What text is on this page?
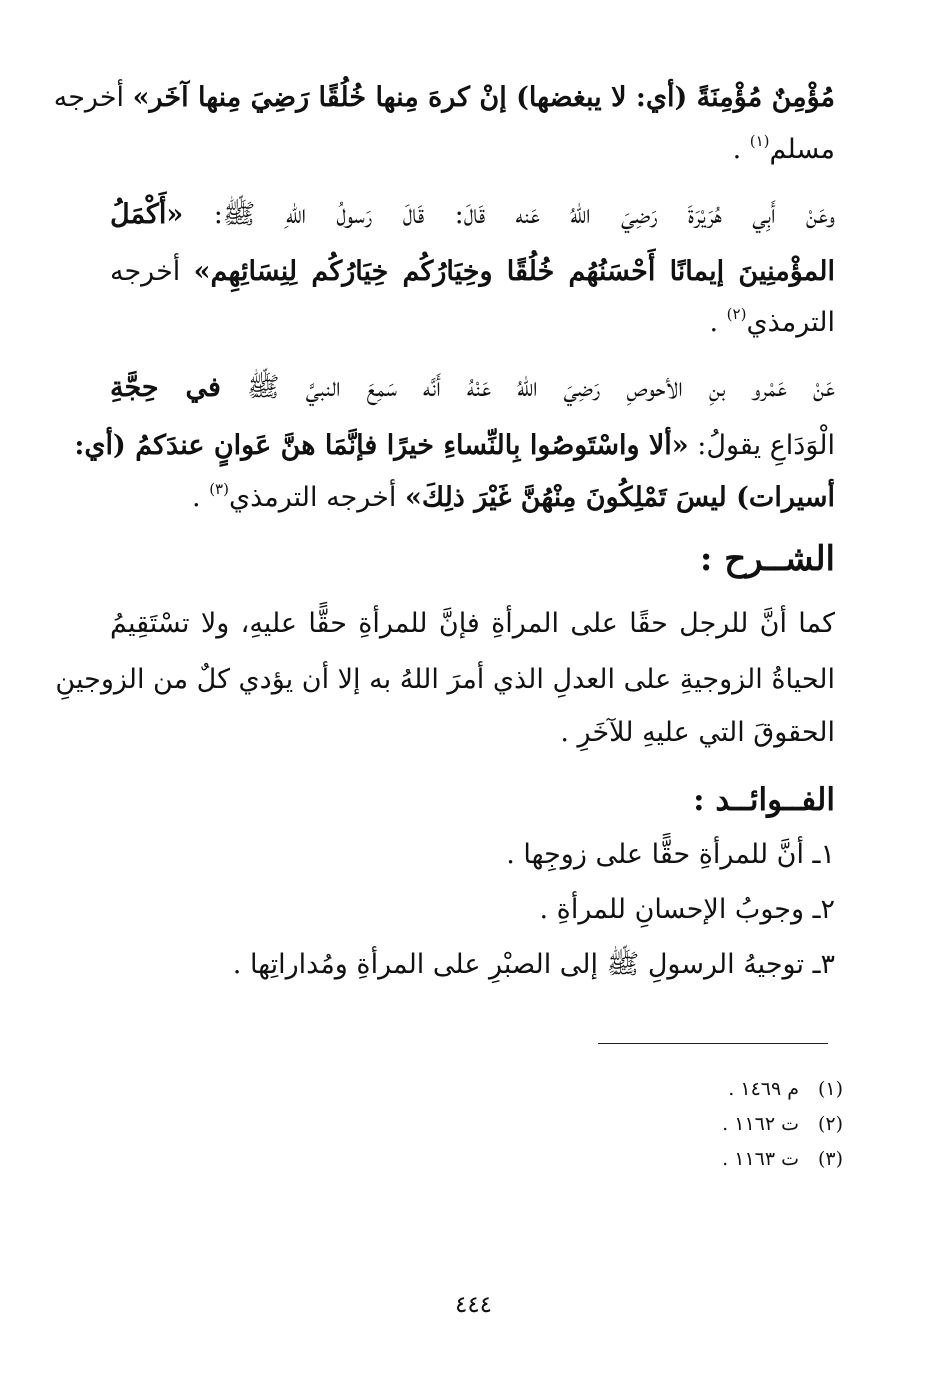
مُؤْمِنٌ مُؤْمِنَةً (أي: لا يبغضها) إنْ كرهَ مِنها خُلُقًا رَضِيَ مِنها آخَر» أخرجه
مسلم$^{(١)}$ .
وعَنْ أَبِي هُرَيْرَةَ رَضِيَ اللهُ عَنه قَالَ: قَالَ رَسولُ اللهِ ﷺ: «أَكْمَلُ
المؤْمنِينَ إيمانًا أَحْسَنُهُم خُلُقًا وخِيَارُكُم خِيَارُكُم لِنِسَائِهِم» أخرجه
الترمذي$^{(٢)}$ .
عَنْ عَمْرو بنِ الأحوصِ رَضِيَ اللهُ عَنْهُ أَنَّه سَمِعَ النبيَّ ﷺ في حِجَّةِ
الْوَدَاعِ يقولُ: «ألا واسْتَوصُوا بِالنِّساءِ خيرًا فإنَّمَا هنَّ عَوانٍ عندَكمُ (أي:
أسيرات) ليسَ تَمْلِكُونَ مِنْهُنَّ غَيْرَ ذلِكَ» أخرجه الترمذي$^{(٣)}$ .
الشــرح :
كما أنَّ للرجل حقًا على المرأةِ فإنَّ للمرأةِ حقًّا عليهِ، ولا تسْتَقِيمُ
الحياةُ الزوجيةِ على العدلِ الذي أمرَ اللهُ به إلا أن يؤدي كلٌ من الزوجينِ
الحقوقَ التي عليهِ للآخَرِ .
الفــوائــد :
١ـ أنَّ للمرأةِ حقًّا على زوجِها .
٢ـ وجوبُ الإحسانِ للمرأةِ .
٣ـ توجيهُ الرسولِ ﷺ إلى الصبْرِ على المرأةِ ومُداراتِها .
(١)م ١٤٦٩ .
(٢)ت ١١٦٢ .
(٣)ت ١١٦٣ .
٤٤٤
